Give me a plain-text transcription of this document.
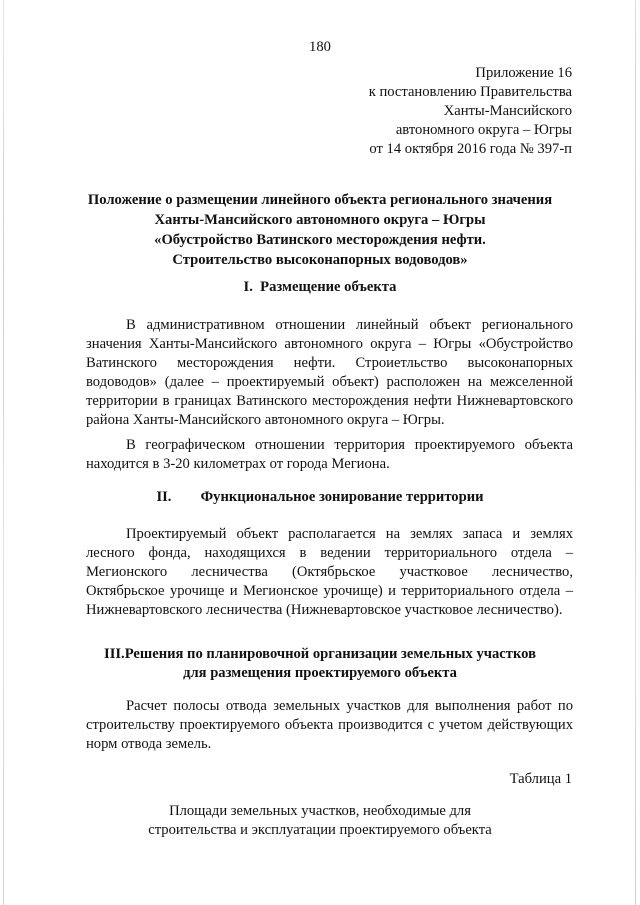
180
Приложение 16
к постановлению Правительства
Ханты-Мансийского
автономного округа – Югры
от 14 октября 2016 года № 397-п
Положение о размещении линейного объекта регионального значения
Ханты-Мансийского автономного округа – Югры
«Обустройство Ватинского месторождения нефти.
Строительство высоконапорных водоводов»
I.  Размещение объекта

В административном отношении линейный объект регионального значения Ханты-Мансийского автономного округа – Югры «Обустройство Ватинского месторождения нефти. Строиетльство высоконапорных водоводов» (далее – проектируемый объект) расположен на межселенной территории в границах Ватинского месторождения нефти Нижневартовского района Ханты-Мансийского автономного округа – Югры.

В географическом отношении территория проектируемого объекта находится в 3-20 километрах от города Мегиона.

II.        Функциональное зонирование территории

Проектируемый объект располагается на землях запаса и землях лесного фонда, находящихся в ведении территориального отдела – Мегионского лесничества (Октябрьское участковое лесничество, Октябрьское урочище и Мегионское урочище) и территориального отдела – Нижневартовского лесничества (Нижневартовское участковое лесничество).

III.Решения по планировочной организации земельных участков
для размещения проектируемого объекта

Расчет полосы отвода земельных участков для выполнения работ по строительству проектируемого объекта производится с учетом действующих норм отвода земель.

Таблица 1
Площади земельных участков, необходимые для
строительства и эксплуатации проектируемого объекта
